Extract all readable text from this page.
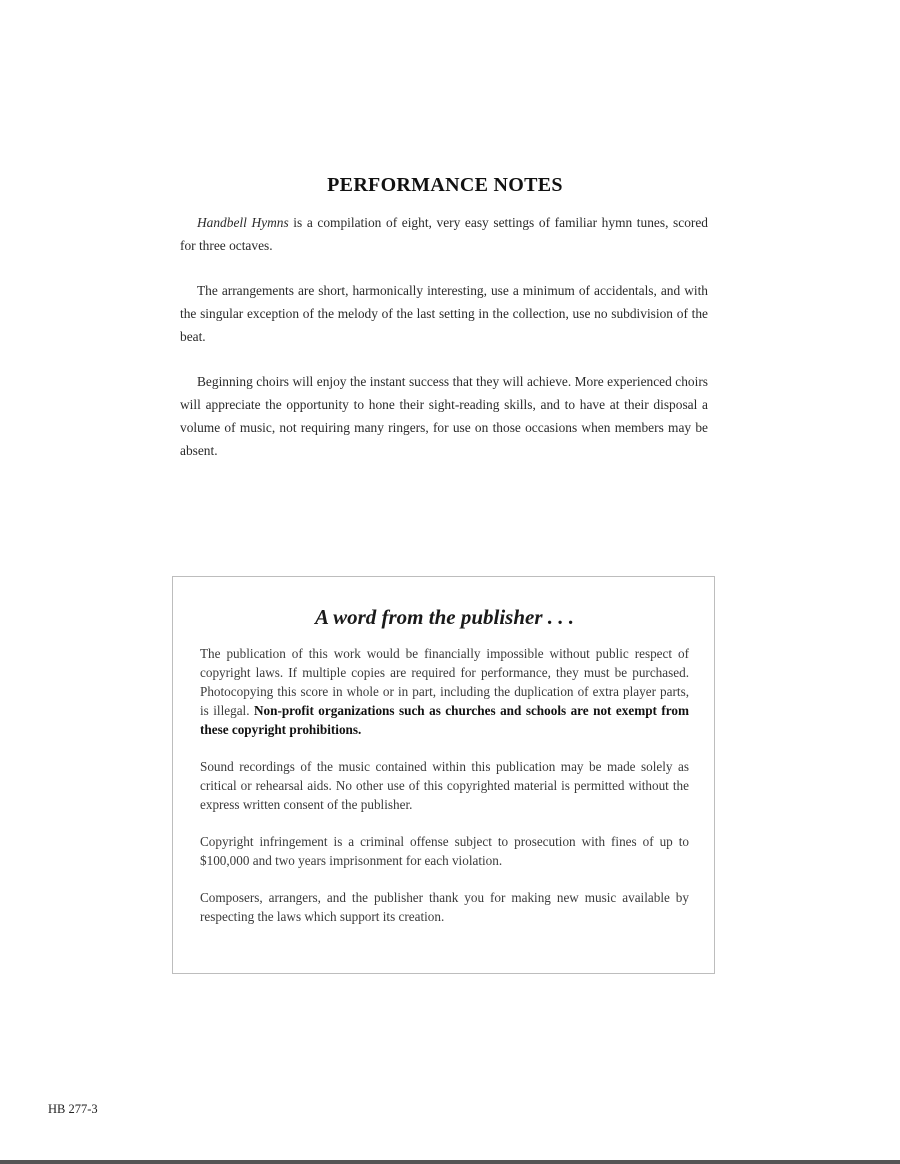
PERFORMANCE NOTES

Handbell Hymns is a compilation of eight, very easy settings of familiar hymn tunes, scored for three octaves.

The arrangements are short, harmonically interesting, use a minimum of accidentals, and with the singular exception of the melody of the last setting in the collection, use no subdivision of the beat.

Beginning choirs will enjoy the instant success that they will achieve. More experienced choirs will appreciate the opportunity to hone their sight-reading skills, and to have at their disposal a volume of music, not requiring many ringers, for use on those occasions when members may be absent.

A word from the publisher . . .

The publication of this work would be financially impossible without public respect of copyright laws. If multiple copies are required for performance, they must be purchased. Photocopying this score in whole or in part, including the duplication of extra player parts, is illegal. Non-profit organizations such as churches and schools are not exempt from these copyright prohibitions.

Sound recordings of the music contained within this publication may be made solely as critical or rehearsal aids. No other use of this copyrighted material is permitted without the express written consent of the publisher.

Copyright infringement is a criminal offense subject to prosecution with fines of up to $100,000 and two years imprisonment for each violation.

Composers, arrangers, and the publisher thank you for making new music available by respecting the laws which support its creation.

HB 277-3
